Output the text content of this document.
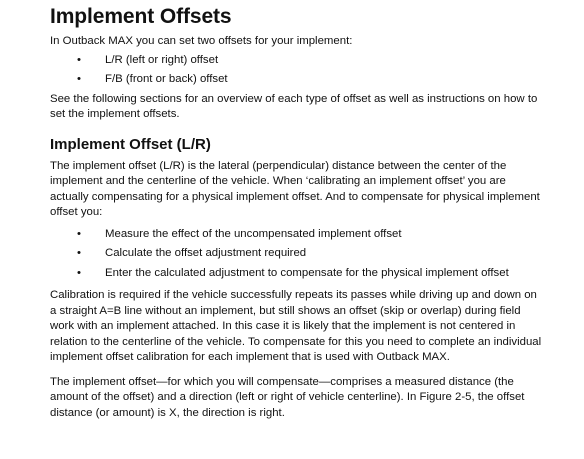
Implement Offsets

In Outback MAX you can set two offsets for your implement:

• L/R (left or right) offset
• F/B (front or back) offset

See the following sections for an overview of each type of offset as well as instructions on how to set the implement offsets.

Implement Offset (L/R)

The implement offset (L/R) is the lateral (perpendicular) distance between the center of the implement and the centerline of the vehicle. When ‘calibrating an implement offset’ you are actually compensating for a physical implement offset. And to compensate for physical implement offset you:

• Measure the effect of the uncompensated implement offset
• Calculate the offset adjustment required
• Enter the calculated adjustment to compensate for the physical implement offset

Calibration is required if the vehicle successfully repeats its passes while driving up and down on a straight A=B line without an implement, but still shows an offset (skip or overlap) during field work with an implement attached. In this case it is likely that the implement is not centered in relation to the centerline of the vehicle. To compensate for this you need to complete an individual implement offset calibration for each implement that is used with Outback MAX.

The implement offset—for which you will compensate—comprises a measured distance (the amount of the offset) and a direction (left or right of vehicle centerline). In Figure 2-5, the offset distance (or amount) is X, the direction is right.
